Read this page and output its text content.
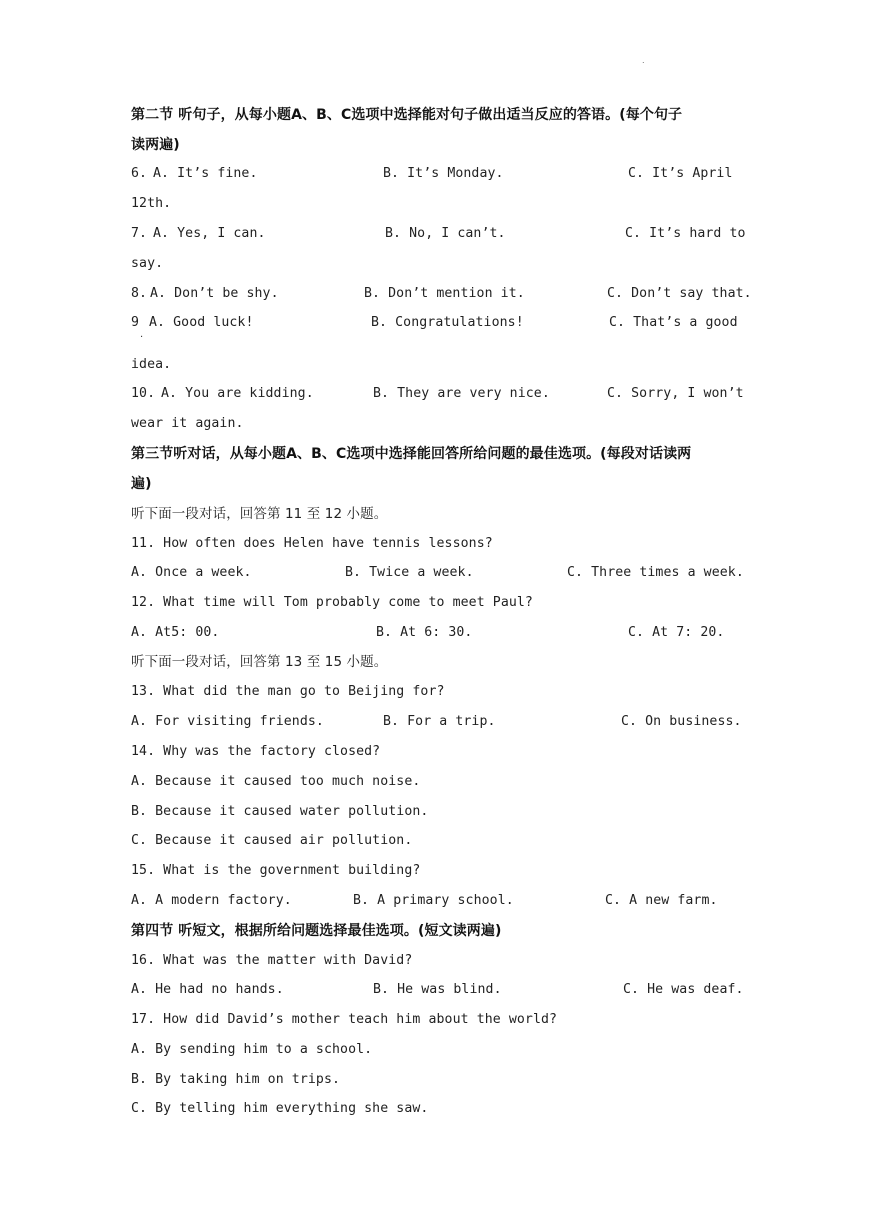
.
第二节 听句子，从每小题A、B、C选项中选择能对句子做出适当反应的答语。(每个句子
读两遍)
6. A. It’s fine.	B. It’s Monday.	C. It’s April
12th.
7. A. Yes, I can.	B. No, I can’t.	C. It’s hard to
say.
8. A. Don’t be shy.	B. Don’t mention it.	C. Don’t say that.
9 A. Good luck!	B. Congratulations!	C. That’s a good
·
idea.
10. A. You are kidding.	B. They are very nice.	C. Sorry, I won’t
wear it again.
第三节听对话，从每小题A、B、C选项中选择能回答所给问题的最佳选项。(每段对话读两
遍)
听下面一段对话，回答第 11 至 12 小题。
11. How often does Helen have tennis lessons?
A. Once a week.	B. Twice a week.	C. Three times a week.
12. What time will Tom probably come to meet Paul?
A. At5: 00.	B. At 6: 30.	C. At 7: 20.
听下面一段对话，回答第 13 至 15 小题。
13. What did the man go to Beijing for?
A. For visiting friends.	B. For a trip.	C. On business.
14. Why was the factory closed?
A. Because it caused too much noise.
B. Because it caused water pollution.
C. Because it caused air pollution.
15. What is the government building?
A. A modern factory.	B. A primary school.	C. A new farm.
第四节 听短文，根据所给问题选择最佳选项。(短文读两遍)
16. What was the matter with David?
A. He had no hands.	B. He was blind.	C. He was deaf.
17. How did David’s mother teach him about the world?
A. By sending him to a school.
B. By taking him on trips.
C. By telling him everything she saw.
